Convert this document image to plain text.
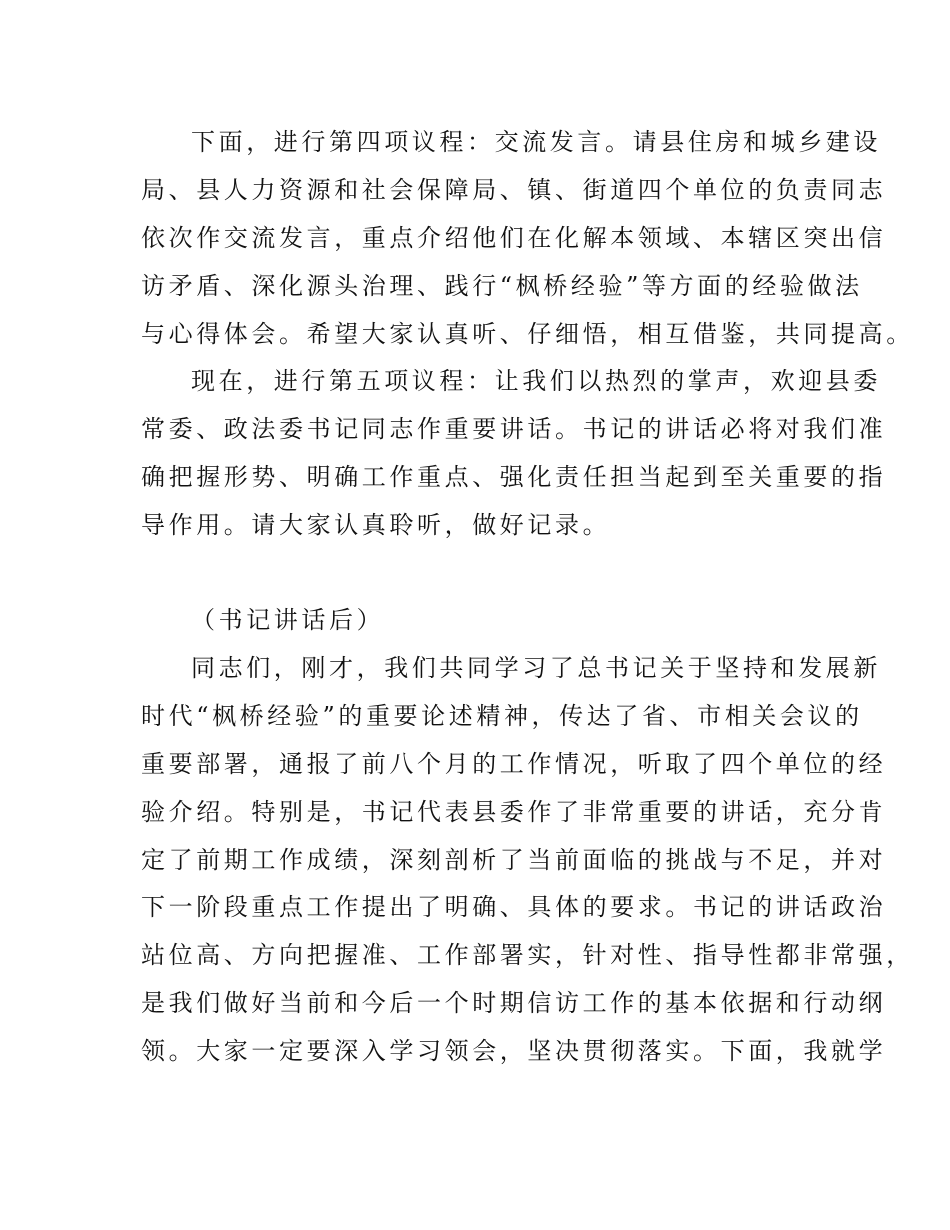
下面，进行第四项议程：交流发言。请县住房和城乡建设
局、县人力资源和社会保障局、镇、街道四个单位的负责同志
依次作交流发言，重点介绍他们在化解本领域、本辖区突出信
访矛盾、深化源头治理、践行“枫桥经验”等方面的经验做法
与心得体会。希望大家认真听、仔细悟，相互借鉴，共同提高。
现在，进行第五项议程：让我们以热烈的掌声，欢迎县委
常委、政法委书记同志作重要讲话。书记的讲话必将对我们准
确把握形势、明确工作重点、强化责任担当起到至关重要的指
导作用。请大家认真聆听，做好记录。
（书记讲话后）
同志们，刚才，我们共同学习了总书记关于坚持和发展新
时代“枫桥经验”的重要论述精神，传达了省、市相关会议的
重要部署，通报了前八个月的工作情况，听取了四个单位的经
验介绍。特别是，书记代表县委作了非常重要的讲话，充分肯
定了前期工作成绩，深刻剖析了当前面临的挑战与不足，并对
下一阶段重点工作提出了明确、具体的要求。书记的讲话政治
站位高、方向把握准、工作部署实，针对性、指导性都非常强，
是我们做好当前和今后一个时期信访工作的基本依据和行动纲
领。大家一定要深入学习领会，坚决贯彻落实。下面，我就学
